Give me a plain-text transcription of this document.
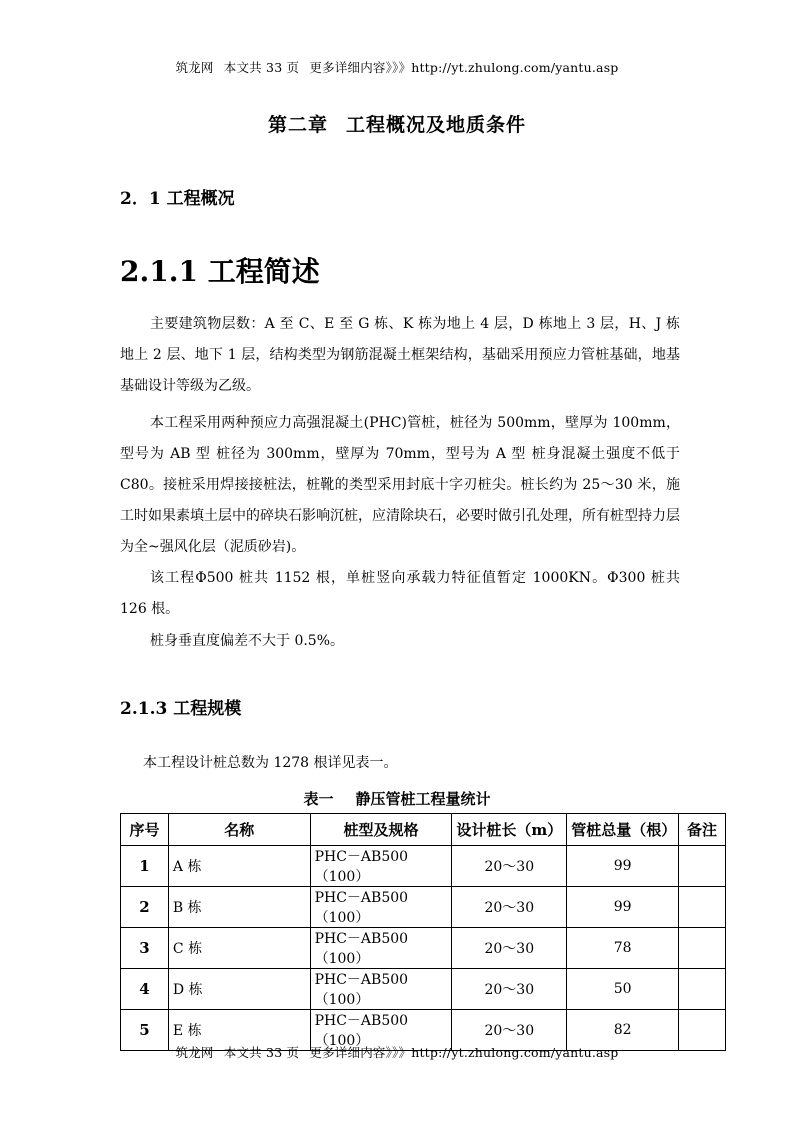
筑龙网 本文共 33 页 更多详细内容》》》http://yt.zhulong.com/yantu.asp
第二章 工程概况及地质条件
2．1 工程概况
2.1.1 工程简述

主要建筑物层数：A 至 C、E 至 G 栋、K 栋为地上 4 层，D 栋地上 3 层，H、J 栋地上 2 层、地下 1 层，结构类型为钢筋混凝土框架结构，基础采用预应力管桩基础，地基基础设计等级为乙级。

本工程采用两种预应力高强混凝土(PHC)管桩，桩径为 500mm，壁厚为 100mm，型号为 AB 型 桩径为 300mm，壁厚为 70mm，型号为 A 型 桩身混凝土强度不低于 C80。接桩采用焊接接桩法，桩靴的类型采用封底十字刃桩尖。桩长约为 25～30 米，施工时如果素填土层中的碎块石影响沉桩，应清除块石，必要时做引孔处理，所有桩型持力层为全~强风化层（泥质砂岩)。

该工程Φ500 桩共 1152 根，单桩竖向承载力特征值暂定 1000KN。Φ300 桩共 126 根。

桩身垂直度偏差不大于 0.5%。

2.1.3 工程规模
本工程设计桩总数为 1278 根详见表一。
表一 静压管桩工程量统计
序号	名称	桩型及规格	设计桩长（m）	管桩总量（根）	备注
1	A 栋	PHC－AB500（100）	20～30	99	
2	B 栋	PHC－AB500（100）	20～30	99	
3	C 栋	PHC－AB500（100）	20～30	78	
4	D 栋	PHC－AB500（100）	20～30	50	
5	E 栋	PHC－AB500（100）	20～30	82	
筑龙网 本文共 33 页 更多详细内容》》》http://yt.zhulong.com/yantu.asp
